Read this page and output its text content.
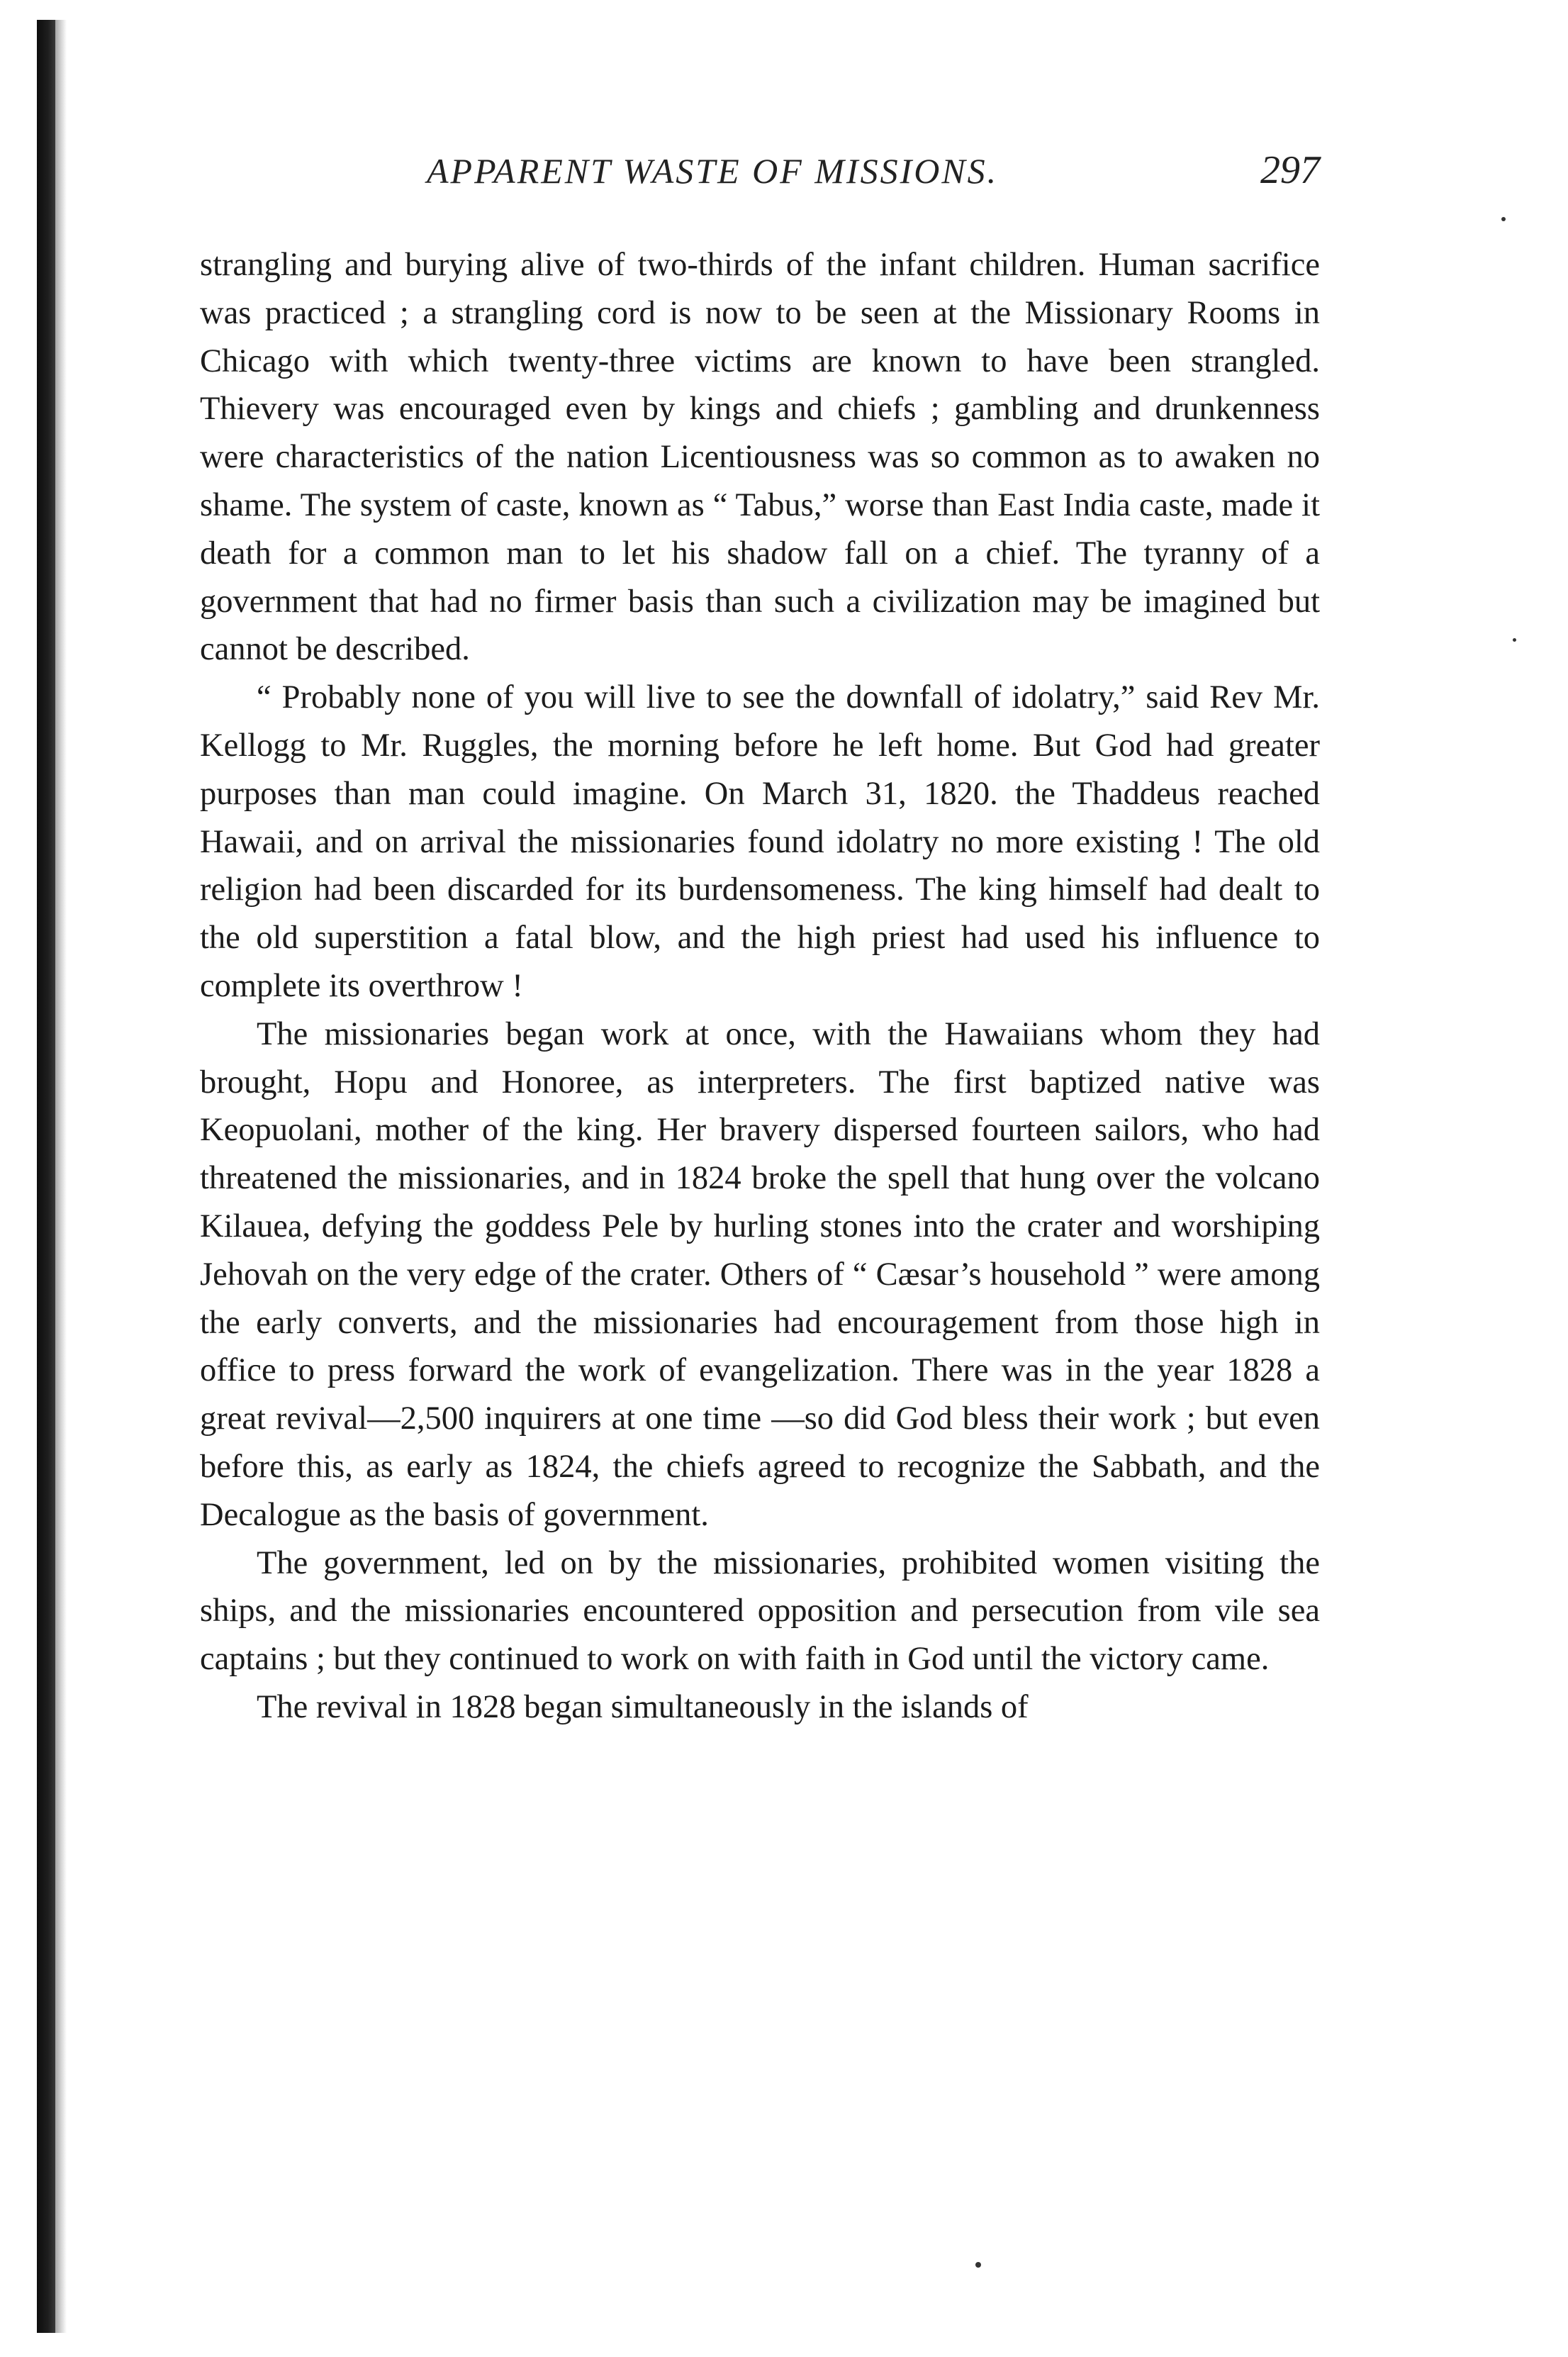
APPARENT WASTE OF MISSIONS.	297

strangling and burying alive of two-thirds of the infant children. Human sacrifice was practiced ; a strangling cord is now to be seen at the Missionary Rooms in Chicago with which twenty-three victims are known to have been strangled. Thievery was encouraged even by kings and chiefs ; gambling and drunkenness were characteristics of the nation Licentiousness was so common as to awaken no shame. The system of caste, known as “ Tabus,” worse than East India caste, made it death for a common man to let his shadow fall on a chief. The tyranny of a government that had no firmer basis than such a civilization may be imagined but cannot be described.

“ Probably none of you will live to see the downfall of idolatry,” said Rev Mr. Kellogg to Mr. Ruggles, the morning before he left home. But God had greater purposes than man could imagine. On March 31, 1820. the Thaddeus reached Hawaii, and on arrival the missionaries found idolatry no more existing ! The old religion had been discarded for its burdensomeness. The king himself had dealt to the old superstition a fatal blow, and the high priest had used his influence to complete its overthrow !

The missionaries began work at once, with the Hawaiians whom they had brought, Hopu and Honoree, as interpreters. The first baptized native was Keopuolani, mother of the king. Her bravery dispersed fourteen sailors, who had threatened the missionaries, and in 1824 broke the spell that hung over the volcano Kilauea, defying the goddess Pele by hurling stones into the crater and worshiping Jehovah on the very edge of the crater. Others of “ Cæsar’s household ” were among the early converts, and the missionaries had encouragement from those high in office to press forward the work of evangelization. There was in the year 1828 a great revival—2,500 inquirers at one time —so did God bless their work ; but even before this, as early as 1824, the chiefs agreed to recognize the Sabbath, and the Decalogue as the basis of government.

The government, led on by the missionaries, prohibited women visiting the ships, and the missionaries encountered opposition and persecution from vile sea captains ; but they continued to work on with faith in God until the victory came.

The revival in 1828 began simultaneously in the islands of
